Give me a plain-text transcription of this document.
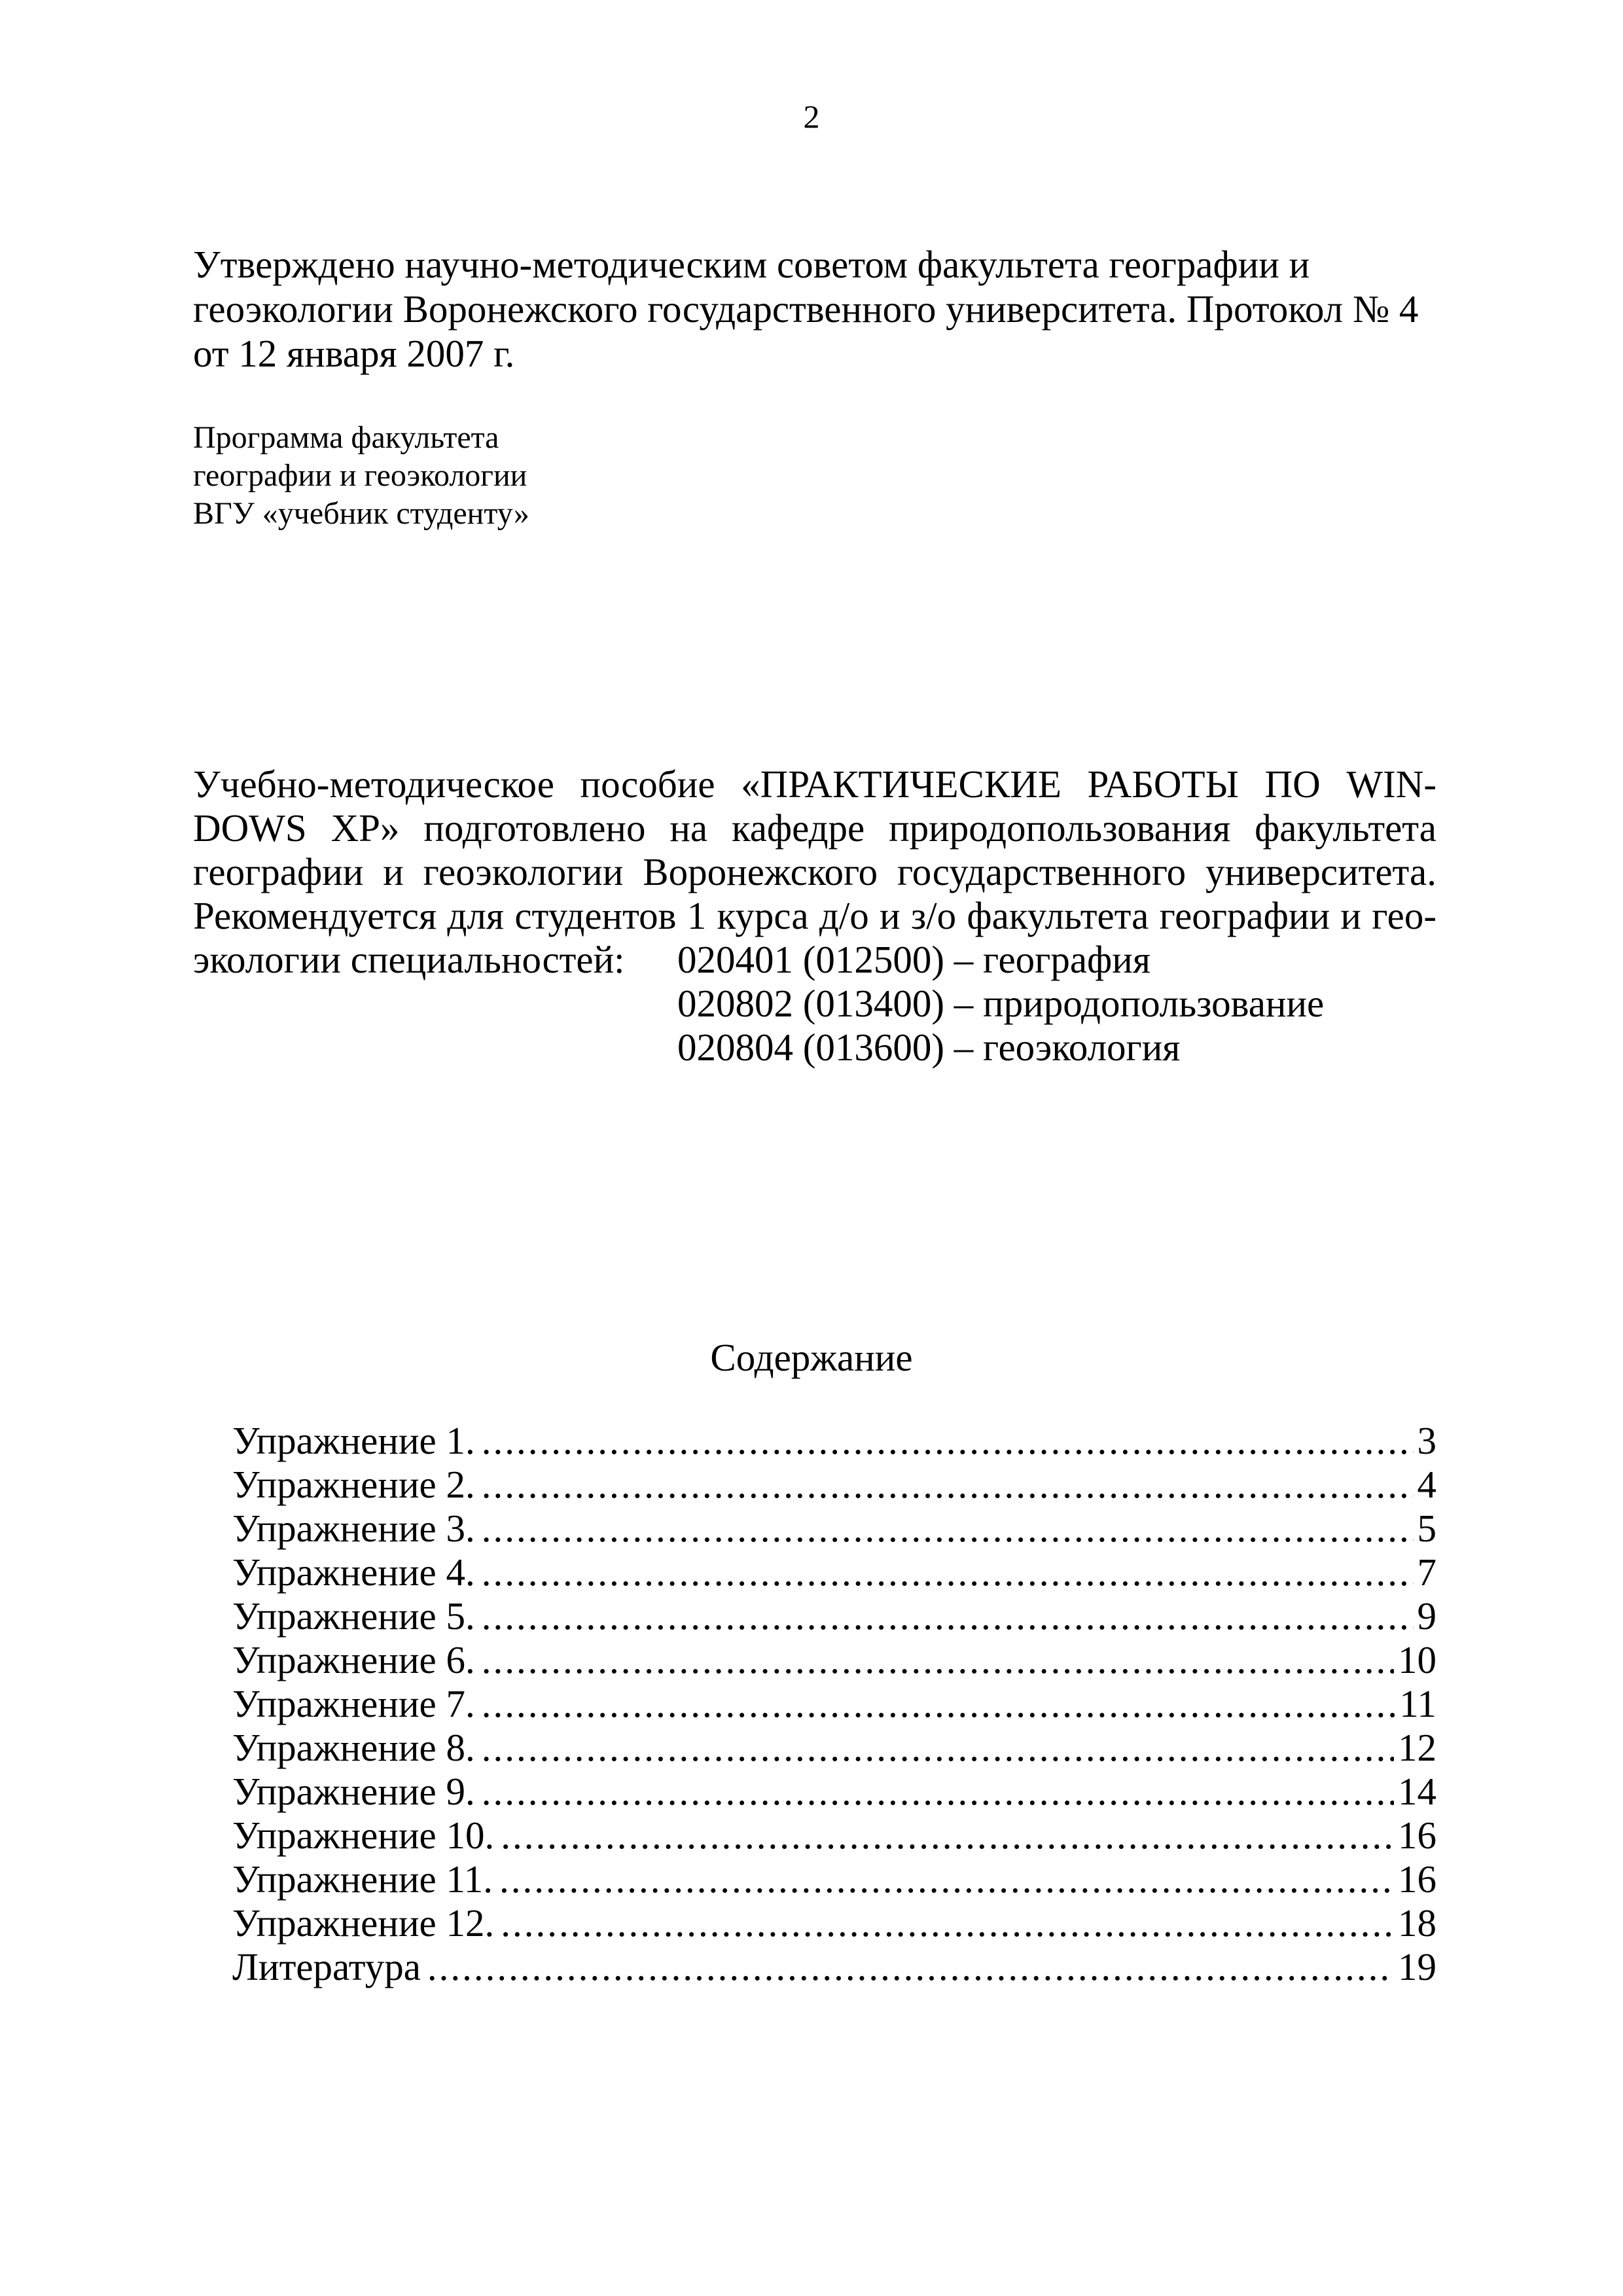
2
Утверждено научно-методическим советом факультета географии и
геоэкологии Воронежского государственного университета. Протокол № 4
от 12 января 2007 г.
Программа факультета
географии и геоэкологии
ВГУ «учебник студенту»
Учебно-методическое пособие «ПРАКТИЧЕСКИЕ РАБОТЫ ПО WIN-
DOWS XP» подготовлено на кафедре природопользования факультета
географии и геоэкологии Воронежского государственного университета.
Рекомендуется для студентов 1 курса д/о и з/о факультета географии и гео-
экологии специальностей: 020401 (012500) – география
020802 (013400) – природопользование
020804 (013600) – геоэкология
Содержание
Упражнение 1. .....	3
Упражнение 2. .....	4
Упражнение 3. .....	5
Упражнение 4. .....	7
Упражнение 5. .....	9
Упражнение 6. .....	10
Упражнение 7. .....	11
Упражнение 8. .....	12
Упражнение 9. .....	14
Упражнение 10. .....	16
Упражнение 11. .....	16
Упражнение 12. .....	18
Литература .....	19
